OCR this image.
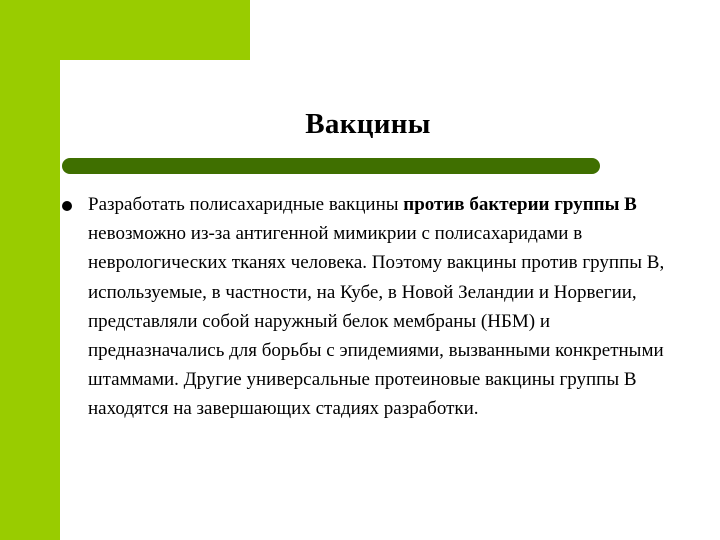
Вакцины
Разработать полисахаридные вакцины против бактерии группы В невозможно из-за антигенной мимикрии с полисахаридами в неврологических тканях человека. Поэтому вакцины против группы В, используемые, в частности, на Кубе, в Новой Зеландии и Норвегии, представляли собой наружный белок мембраны (НБМ) и предназначались для борьбы с эпидемиями, вызванными конкретными штаммами. Другие универсальные протеиновые вакцины группы В находятся на завершающих стадиях разработки.
